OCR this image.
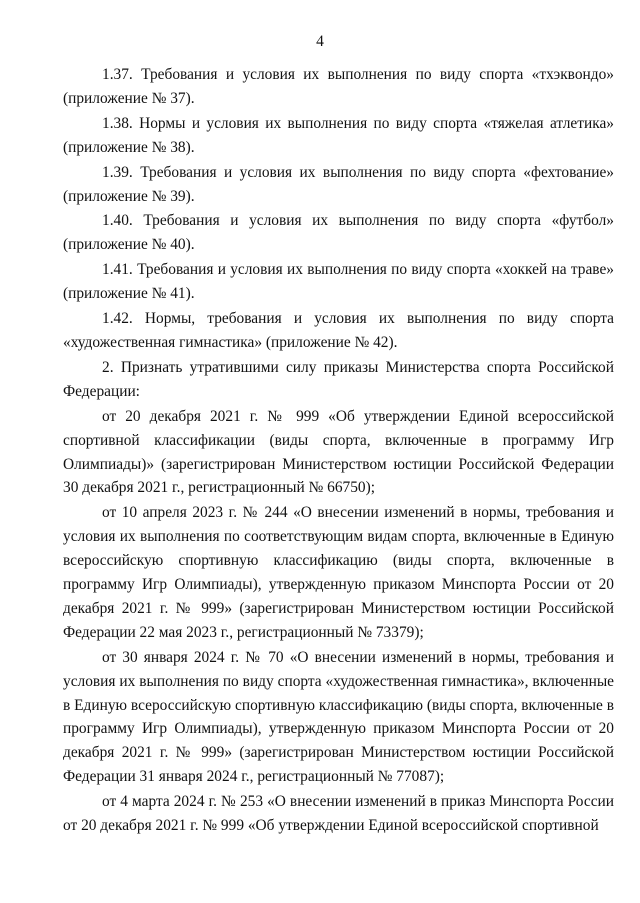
4

1.37. Требования и условия их выполнения по виду спорта «тхэквондо» (приложение № 37).

1.38. Нормы и условия их выполнения по виду спорта «тяжелая атлетика» (приложение № 38).

1.39. Требования и условия их выполнения по виду спорта «фехтование» (приложение № 39).

1.40. Требования и условия их выполнения по виду спорта «футбол» (приложение № 40).

1.41. Требования и условия их выполнения по виду спорта «хоккей на траве» (приложение № 41).

1.42. Нормы, требования и условия их выполнения по виду спорта «художественная гимнастика» (приложение № 42).

2. Признать утратившими силу приказы Министерства спорта Российской Федерации:

от 20 декабря 2021 г. № 999 «Об утверждении Единой всероссийской спортивной классификации (виды спорта, включенные в программу Игр Олимпиады)» (зарегистрирован Министерством юстиции Российской Федерации 30 декабря 2021 г., регистрационный № 66750);

от 10 апреля 2023 г. № 244 «О внесении изменений в нормы, требования и условия их выполнения по соответствующим видам спорта, включенные в Единую всероссийскую спортивную классификацию (виды спорта, включенные в программу Игр Олимпиады), утвержденную приказом Минспорта России от 20 декабря 2021 г. № 999» (зарегистрирован Министерством юстиции Российской Федерации 22 мая 2023 г., регистрационный № 73379);

от 30 января 2024 г. № 70 «О внесении изменений в нормы, требования и условия их выполнения по виду спорта «художественная гимнастика», включенные в Единую всероссийскую спортивную классификацию (виды спорта, включенные в программу Игр Олимпиады), утвержденную приказом Минспорта России от 20 декабря 2021 г. № 999» (зарегистрирован Министерством юстиции Российской Федерации 31 января 2024 г., регистрационный № 77087);

от 4 марта 2024 г. № 253 «О внесении изменений в приказ Минспорта России от 20 декабря 2021 г. № 999 «Об утверждении Единой всероссийской спортивной
